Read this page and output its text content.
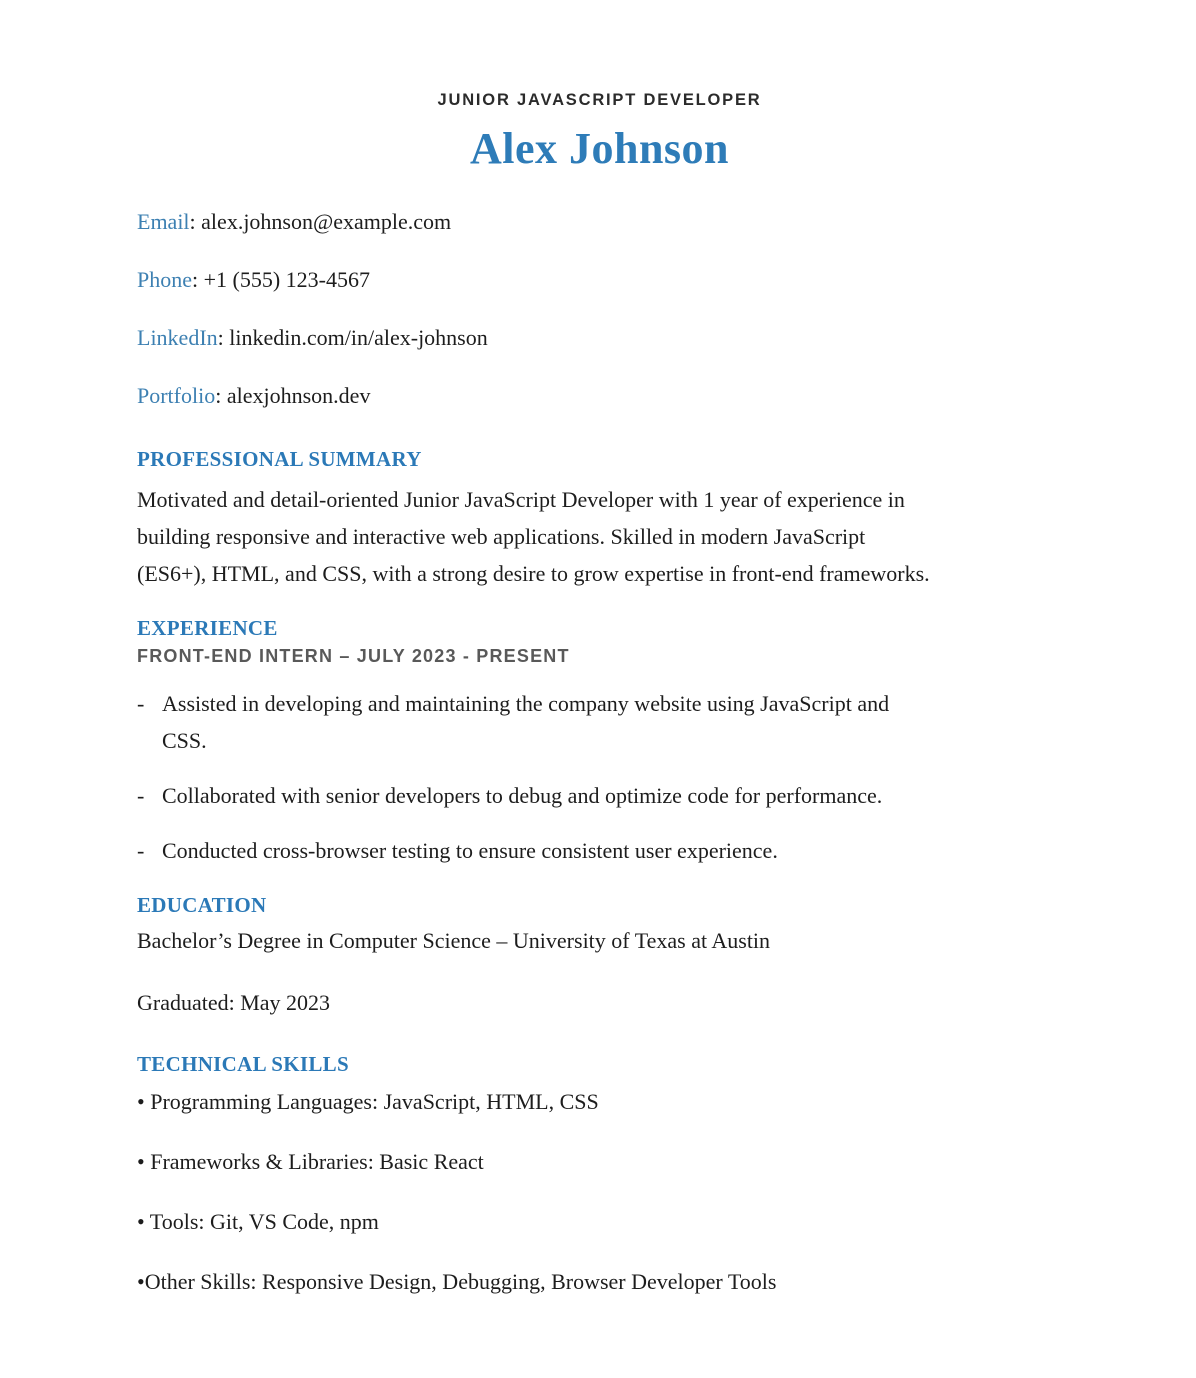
JUNIOR JAVASCRIPT DEVELOPER
Alex Johnson
Email: alex.johnson@example.com
Phone: +1 (555) 123-4567
LinkedIn: linkedin.com/in/alex-johnson
Portfolio: alexjohnson.dev
PROFESSIONAL SUMMARY
Motivated and detail-oriented Junior JavaScript Developer with 1 year of experience in
building responsive and interactive web applications. Skilled in modern JavaScript
(ES6+), HTML, and CSS, with a strong desire to grow expertise in front-end frameworks.
EXPERIENCE
FRONT-END INTERN – JULY 2023 - PRESENT
- Assisted in developing and maintaining the company website using JavaScript and
CSS.
- Collaborated with senior developers to debug and optimize code for performance.
- Conducted cross-browser testing to ensure consistent user experience.
EDUCATION
Bachelor’s Degree in Computer Science – University of Texas at Austin
Graduated: May 2023
TECHNICAL SKILLS
• Programming Languages: JavaScript, HTML, CSS
• Frameworks & Libraries: Basic React
• Tools: Git, VS Code, npm
•Other Skills: Responsive Design, Debugging, Browser Developer Tools
